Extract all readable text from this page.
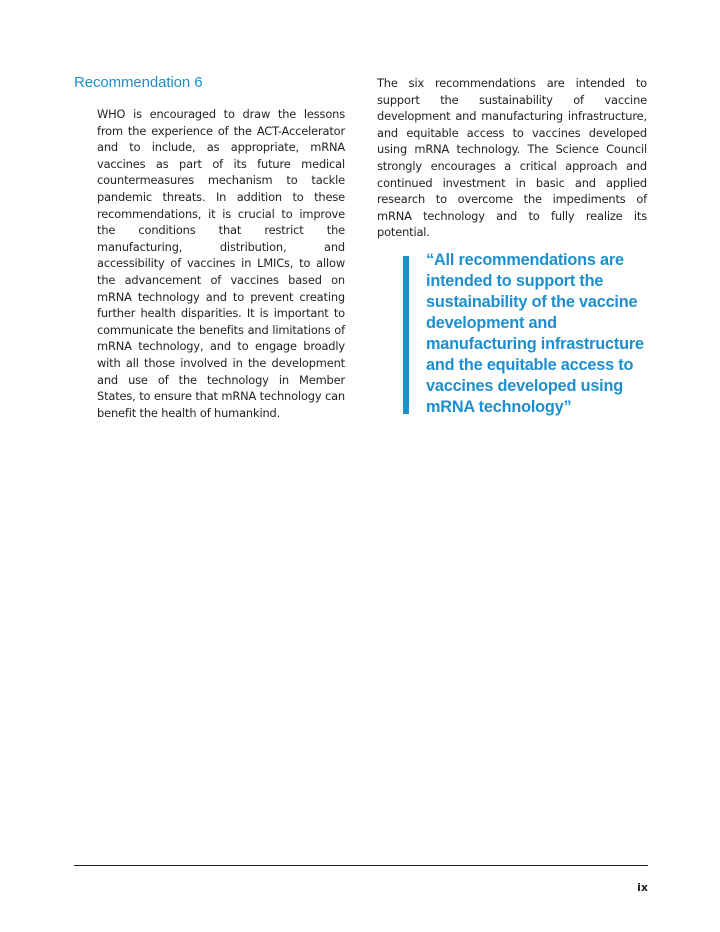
Recommendation 6

WHO is encouraged to draw the lessons from the experience of the ACT-Accelerator and to include, as appropriate, mRNA vaccines as part of its future medical countermeasures mechanism to tackle pandemic threats. In addition to these recommendations, it is crucial to improve the conditions that restrict the manufacturing, distribution, and accessibility of vaccines in LMICs, to allow the advancement of vaccines based on mRNA technology and to prevent creating further health disparities. It is important to communicate the benefits and limitations of mRNA technology, and to engage broadly with all those involved in the development and use of the technology in Member States, to ensure that mRNA technology can benefit the health of humankind.

The six recommendations are intended to support the sustainability of vaccine development and manufacturing infrastructure, and equitable access to vaccines developed using mRNA technology. The Science Council strongly encourages a critical approach and continued investment in basic and applied research to overcome the impediments of mRNA technology and to fully realize its potential.

“All recommendations are intended to support the sustainability of the vaccine development and manufacturing infrastructure and the equitable access to vaccines developed using mRNA technology”

ix
